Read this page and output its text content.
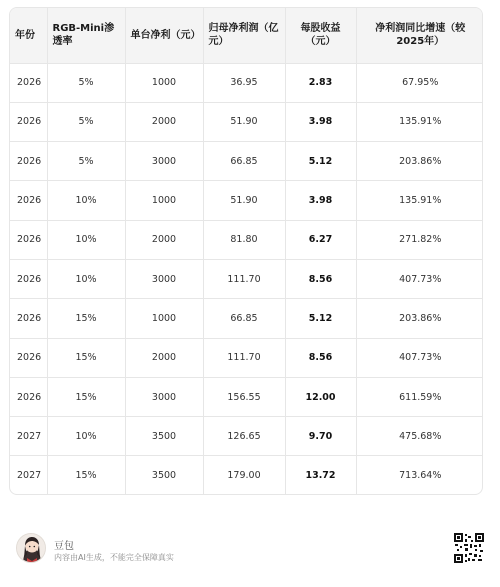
年份	RGB-Mini渗透率	单台净利（元）	归母净利润（亿元）	每股收益（元）	净利润同比增速（较2025年）
2026	5%	1000	36.95	2.83	67.95%
2026	5%	2000	51.90	3.98	135.91%
2026	5%	3000	66.85	5.12	203.86%
2026	10%	1000	51.90	3.98	135.91%
2026	10%	2000	81.80	6.27	271.82%
2026	10%	3000	111.70	8.56	407.73%
2026	15%	1000	66.85	5.12	203.86%
2026	15%	2000	111.70	8.56	407.73%
2026	15%	3000	156.55	12.00	611.59%
2027	10%	3500	126.65	9.70	475.68%
2027	15%	3500	179.00	13.72	713.64%
豆包
内容由AI生成，不能完全保障真实
